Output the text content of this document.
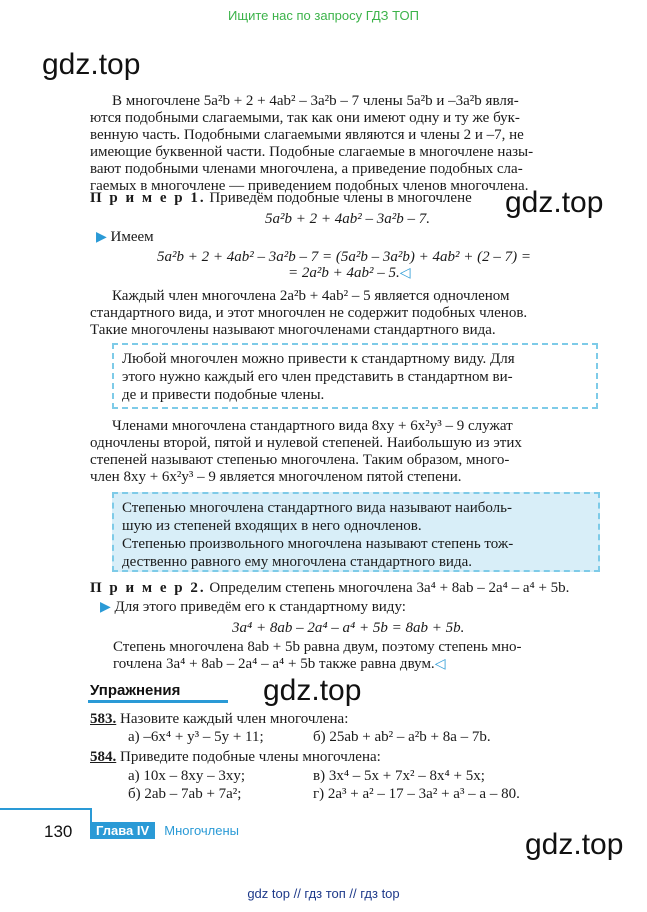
Ищите нас по запросу ГДЗ ТОП
gdz.top
gdz.top
gdz.top
gdz.top
В многочлене 5a²b + 2 + 4ab² – 3a²b – 7 члены 5a²b и –3a²b явля-
ются подобными слагаемыми, так как они имеют одну и ту же бук-
венную часть. Подобными слагаемыми являются и члены 2 и –7, не
имеющие буквенной части. Подобные слагаемые в многочлене назы-
вают подобными членами многочлена, а приведение подобных сла-
гаемых в многочлене — приведением подобных членов многочлена.
П р и м е р 1. Приведём подобные члены в многочлене
5a²b + 2 + 4ab² – 3a²b – 7.
▶ Имеем
5a²b + 2 + 4ab² – 3a²b – 7 = (5a²b – 3a²b) + 4ab² + (2 – 7) =
= 2a²b + 4ab² – 5.◁
Каждый член многочлена 2a²b + 4ab² – 5 является одночленом
стандартного вида, и этот многочлен не содержит подобных членов.
Такие многочлены называют многочленами стандартного вида.
Любой многочлен можно привести к стандартному виду. Для
этого нужно каждый его член представить в стандартном ви-
де и привести подобные члены.
Членами многочлена стандартного вида 8xy + 6x²y³ – 9 служат
одночлены второй, пятой и нулевой степеней. Наибольшую из этих
степеней называют степенью многочлена. Таким образом, много-
член 8xy + 6x²y³ – 9 является многочленом пятой степени.
Степенью многочлена стандартного вида называют наиболь-
шую из степеней входящих в него одночленов.
Степенью произвольного многочлена называют степень тож-
дественно равного ему многочлена стандартного вида.
П р и м е р 2. Определим степень многочлена 3a⁴ + 8ab – 2a⁴ – a⁴ + 5b.
▶ Для этого приведём его к стандартному виду:
3a⁴ + 8ab – 2a⁴ – a⁴ + 5b = 8ab + 5b.
Степень многочлена 8ab + 5b равна двум, поэтому степень мно-
гочлена 3a⁴ + 8ab – 2a⁴ – a⁴ + 5b также равна двум.◁
Упражнения
583. Назовите каждый член многочлена:
а) –6x⁴ + y³ – 5y + 11;	б) 25ab + ab² – a²b + 8a – 7b.
584. Приведите подобные члены многочлена:
а) 10x – 8xy – 3xy;	в) 3x⁴ – 5x + 7x² – 8x⁴ + 5x;
б) 2ab – 7ab + 7a²;	г) 2a³ + a² – 17 – 3a² + a³ – a – 80.
130	Глава IV Многочлены
gdz top // гдз топ // гдз top
